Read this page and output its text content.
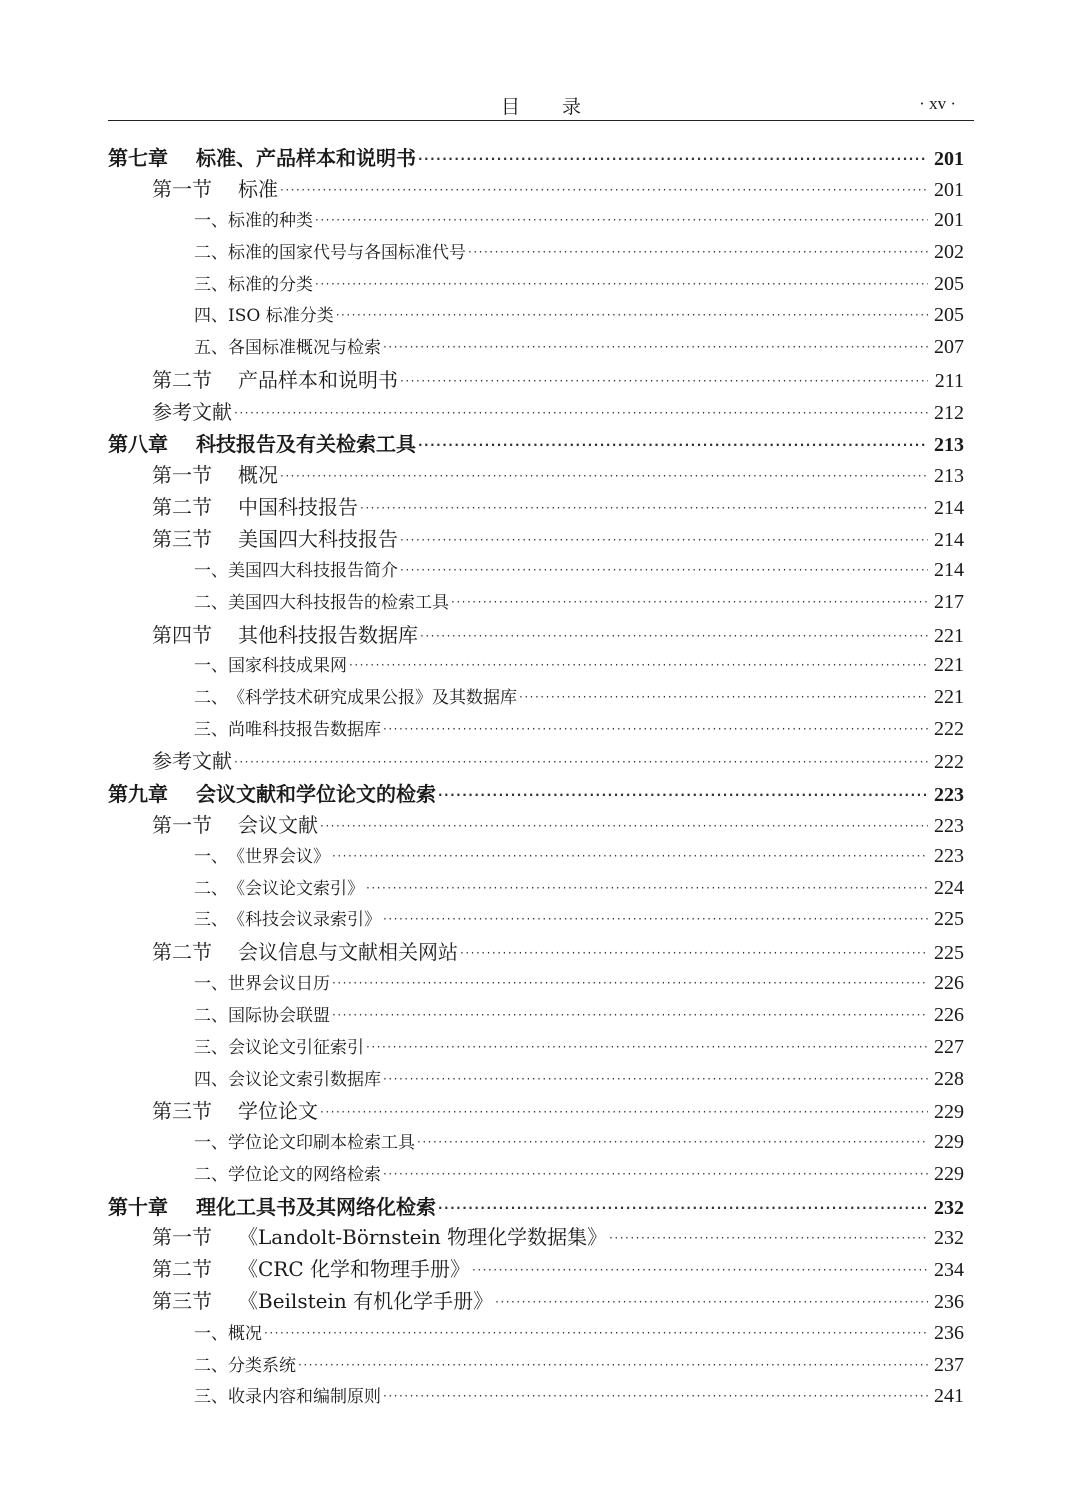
目 录	· xv ·
第七章 标准、产品样本和说明书 ·····	201
第一节 标准 ·····	201
一、标准的种类 ·····	201
二、标准的国家代号与各国标准代号 ·····	202
三、标准的分类 ·····	205
四、ISO 标准分类 ·····	205
五、各国标准概况与检索 ·····	207
第二节 产品样本和说明书 ·····	211
参考文献 ·····	212
第八章 科技报告及有关检索工具 ·····	213
第一节 概况 ·····	213
第二节 中国科技报告 ·····	214
第三节 美国四大科技报告 ·····	214
一、美国四大科技报告简介 ·····	214
二、美国四大科技报告的检索工具 ·····	217
第四节 其他科技报告数据库 ·····	221
一、国家科技成果网 ·····	221
二、《科学技术研究成果公报》及其数据库 ·····	221
三、尚唯科技报告数据库 ·····	222
参考文献 ·····	222
第九章 会议文献和学位论文的检索 ·····	223
第一节 会议文献 ·····	223
一、《世界会议》 ·····	223
二、《会议论文索引》 ·····	224
三、《科技会议录索引》 ·····	225
第二节 会议信息与文献相关网站 ·····	225
一、世界会议日历 ·····	226
二、国际协会联盟 ·····	226
三、会议论文引征索引 ·····	227
四、会议论文索引数据库 ·····	228
第三节 学位论文 ·····	229
一、学位论文印刷本检索工具 ·····	229
二、学位论文的网络检索 ·····	229
第十章 理化工具书及其网络化检索 ·····	232
第一节 《Landolt-Börnstein 物理化学数据集》 ·····	232
第二节 《CRC 化学和物理手册》 ·····	234
第三节 《Beilstein 有机化学手册》 ·····	236
一、概况 ·····	236
二、分类系统 ·····	237
三、收录内容和编制原则 ·····	241
